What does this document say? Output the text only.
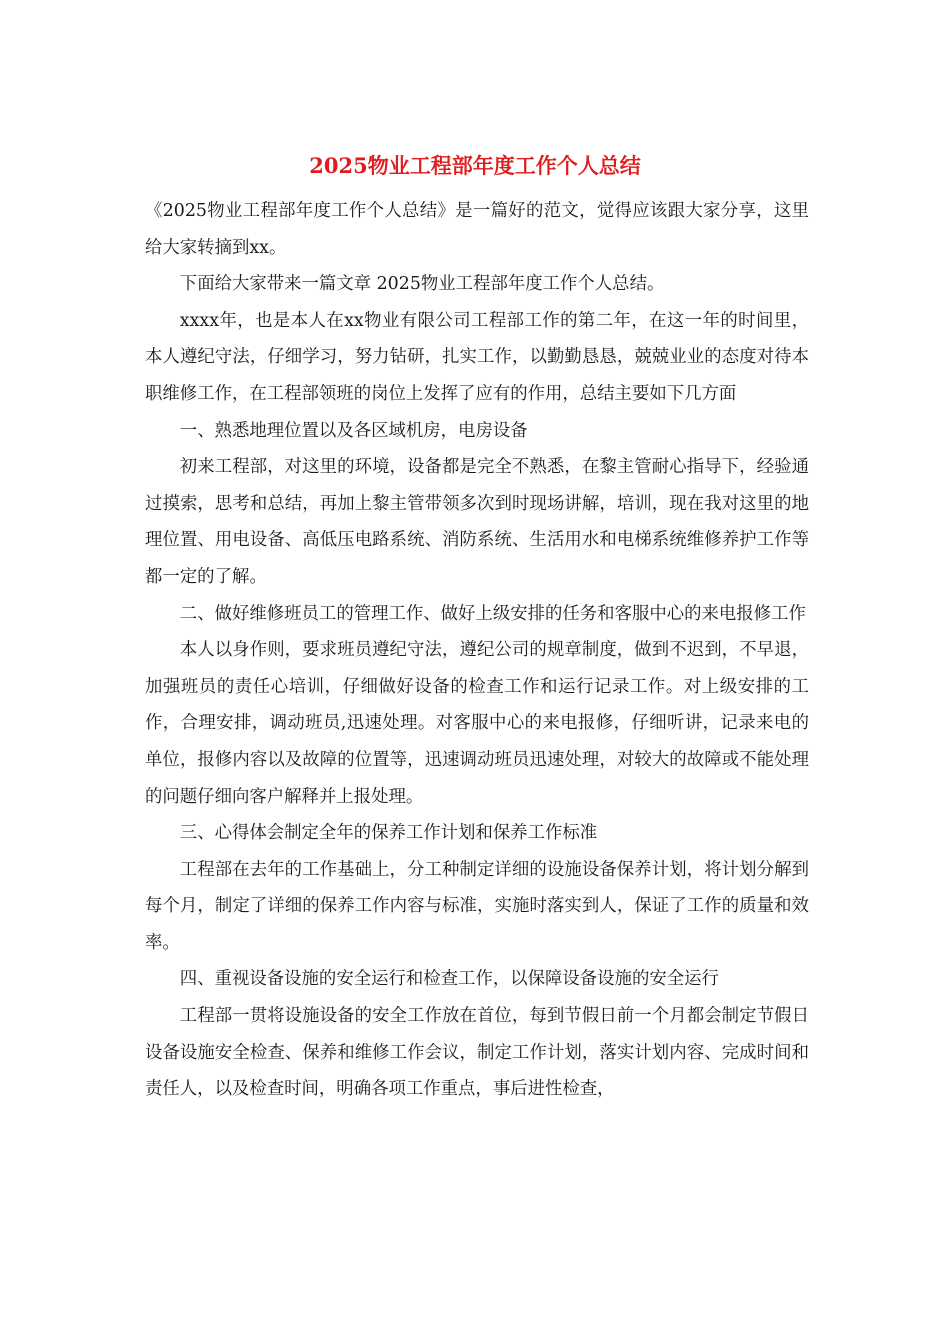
2025物业工程部年度工作个人总结

《2025物业工程部年度工作个人总结》是一篇好的范文，觉得应该跟大家分享，这里给大家转摘到xx。

下面给大家带来一篇文章 2025物业工程部年度工作个人总结。

xxxx年，也是本人在xx物业有限公司工程部工作的第二年，在这一年的时间里，本人遵纪守法，仔细学习，努力钻研，扎实工作，以勤勤恳恳，兢兢业业的态度对待本职维修工作，在工程部领班的岗位上发挥了应有的作用，总结主要如下几方面

一、熟悉地理位置以及各区域机房，电房设备

初来工程部，对这里的环境，设备都是完全不熟悉，在黎主管耐心指导下，经验通过摸索，思考和总结，再加上黎主管带领多次到时现场讲解，培训，现在我对这里的地理位置、用电设备、高低压电路系统、消防系统、生活用水和电梯系统维修养护工作等都一定的了解。

二、做好维修班员工的管理工作、做好上级安排的任务和客服中心的来电报修工作

本人以身作则，要求班员遵纪守法，遵纪公司的规章制度，做到不迟到，不早退，加强班员的责任心培训，仔细做好设备的检查工作和运行记录工作。对上级安排的工作，合理安排，调动班员,迅速处理。对客服中心的来电报修，仔细听讲，记录来电的单位，报修内容以及故障的位置等，迅速调动班员迅速处理，对较大的故障或不能处理的问题仔细向客户解释并上报处理。

三、心得体会制定全年的保养工作计划和保养工作标准

工程部在去年的工作基础上，分工种制定详细的设施设备保养计划，将计划分解到每个月，制定了详细的保养工作内容与标准，实施时落实到人，保证了工作的质量和效率。

四、重视设备设施的安全运行和检查工作，以保障设备设施的安全运行

工程部一贯将设施设备的安全工作放在首位，每到节假日前一个月都会制定节假日设备设施安全检查、保养和维修工作会议，制定工作计划，落实计划内容、完成时间和责任人，以及检查时间，明确各项工作重点，事后进性检查，
